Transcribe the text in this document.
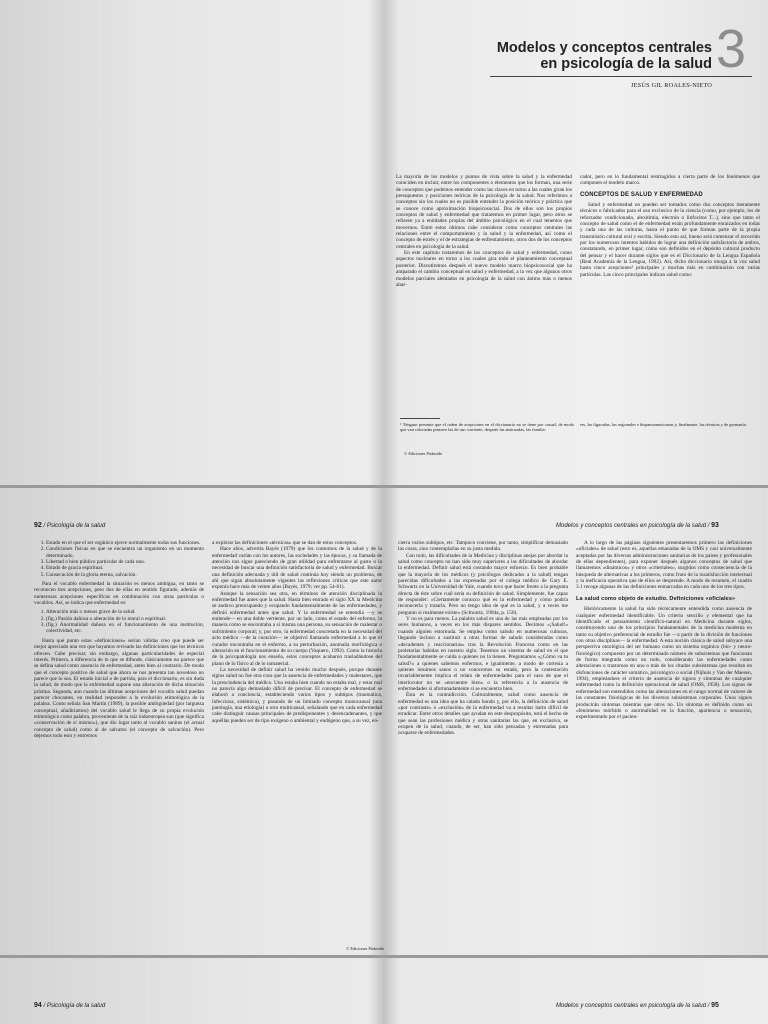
Modelos y conceptos centrales
en psicología de la salud 3
JESÚS GIL ROALES-NIETO

La mayoría de los modelos y puntos de vista sobre la salud y la enfermedad coinciden en incluir, entre los componentes o elementos que los forman, una serie de conceptos que podemos entender como las claves en torno a las cuales giran los presupuestos y posiciones teóricas de la psicología de la salud. Nos referimos a conceptos sin los cuales no es posible entender la posición teórica y práctica que se conoce como aproximación biopsicosocial. Dos de ellos son los propios conceptos de salud y enfermedad que trataremos en primer lugar, pero otros se refieren ya a entidades propias del ámbito psicológico en el cual tenemos que movernos. Entre estos últimos cabe considerar como conceptos centrales las relaciones entre el comportamiento y la salud y la enfermedad, así como el concepto de estrés y el de estrategias de enfrentamiento, otros dos de los conceptos centrales en psicología de la salud.

En este capítulo trataremos de los conceptos de salud y enfermedad, como aspectos nucleares en torno a los cuales gira todo el planteamiento conceptual posterior. Discutiremos después el nuevo modelo marco biopsicosocial que ha amparado el cambio conceptual en salud y enfermedad, a la vez que algunos otros modelos parciales alentados en psicología de la salud con ánimo más o menos abar-

cador, pero en lo fundamental restringidos a cierta parte de los fenómenos que componen el modelo marco.

CONCEPTOS DE SALUD Y ENFERMEDAD

Salud y enfermedad no pueden ser tomados como dos conceptos meramente técnicos o fabricados para el uso exclusivo de la ciencia (como, por ejemplo, los de reforzador condicionado, alexitimia, electrón o linfocitos T...), sino que tanto el concepto de salud como el de enfermedad están profundamente enraizados en todas y cada una de las culturas, hasta el punto de que forman parte de la propia transmisión cultural oral y escrita. Siendo esto así, bueno será comenzar el recorrido por los numerosos intentos habidos de lograr una definición satisfactoria de ambos, constatando, en primer lugar, cómo son definidos en el depósito cultural producto del pensar y el hacer durante siglos que es el Diccionario de la Lengua Española (Real Academia de la Lengua, 1992). Así, dicho diccionario otorga a la voz salud hasta cinco acepciones¹ principales y muchas más en combinación con varias partículas. Las cinco principales indican salud como:

¹ Téngase presente que el orden de acepciones en el diccionario no se tiene por casual, de modo que van colocadas primero las de uso corriente, después las anticuadas, las familia-
res, las figuradas, las regionales e hispanoamericanas y, finalmente, las técnicas y de germanía.
© Ediciones Pirámide
92 / Psicología de la salud	Modelos y conceptos centrales en psicología de la salud / 93
1. Estado en el que el ser orgánico ejerce normalmente todas sus funciones.
2. Condiciones físicas en que se encuentra un organismo en un momento determinado.
3. Libertad o bien público particular de cada uno.
4. Estado de gracia espiritual.
5. Consecución de la gloria eterna, salvación.

Para el vocablo enfermedad la situación es menos ambigua, en tanto se reconocen tres acepciones, pero dos de ellas en sentido figurado, además de numerosas acepciones específicas en combinación con otras partículas o vocablos. Así, se indica que enfermedad es:

1. Alteración más o menos grave de la salud.
2. (fig.) Pasión dañosa o alteración de lo moral o espiritual.
3. (fig.) Anormalidad dañosa en el funcionamiento de una institución, colectividad, etc.

Hasta qué punto estas «definiciones» serían válidas creo que puede ser mejor apreciado una vez que hayamos revisado las definiciones que los técnicos ofrecen. Cabe precisar, sin embargo, algunas particularidades de especial interés. Primera, a diferencia de lo que se difunde, clásicamente no parece que se defina salud como ausencia de enfermedad, antes bien al contrario. De modo que el concepto positivo de salud que ahora se nos presenta tan novedoso no parece que lo sea. El estado inicial o de partida, para el diccionario, es sin duda la salud, de modo que la enfermedad supone una alteración de dicha situación prístina. Segunda, aun cuando las últimas acepciones del vocablo salud puedan parecer chocantes, en realidad responden a la evolución etimológica de la palabra. Como señala San Martín (1989), la posible ambigüedad (por largueza conceptual, añadiríamos) del vocablo salud le llega de su propia evolución etimológica como palabra, proveniente de la raíz indoeuropea sun (que significa «conservación de sí mismo»), que dio lugar tanto al vocablo sanitas (el actual concepto de salud) como al de salvatus (el concepto de salvación). Pero dejemos todo esto y entremos

a explorar las definiciones «técnicas» que se dan de estos conceptos.

Hace años, advertía Bayés (1979) que los contornos de la salud y de la enfermedad varían con los autores, las sociedades y las épocas, y su llamada de atención nos sigue pareciendo de gran utilidad para enfrentarse al gusto o la necesidad de buscar una definición satisfactoria de salud y enfermedad. Buscar una definición adecuada y útil de salud continúa hoy siendo un problema, de ahí que sigan absolutamente vigentes las reflexiones críticas que este autor exponía hace más de veinte años (Bayés, 1979; ver pp. 54-61).

Aunque la sensación sea otra, en términos de atención disciplinada la enfermedad fue antes que la salud. Hasta bien entrado el siglo XX la Medicina se anduvo preocupando y ocupando fundamentalmente de las enfermedades, y definió enfermedad antes que salud. Y la enfermedad se entendía —y se entiende— en una doble vertiente, por un lado, como el estado del enfermo, la manera como se encontraba a sí misma una persona, su sensación de malestar o sufrimiento corporal; y, por otro, la enfermedad concretada en la necesidad del acto médico —de la curación— se objetivó llamando enfermedad a lo que el curador encontraba en el enfermo, a su perturbación, anomalía morfológica o alteración en el funcionamiento de su cuerpo (Vaquero, 1992). Como la historia de la psicopatología nos enseña, estos conceptos acabaron trasladándose del plano de lo físico al de lo inmaterial.

La necesidad de definir salud ha venido mucho después, porque durante siglos salud no fue otra cosa que la ausencia de enfermedades y malestares, que la prescindencia del médico. Uno estaba bien cuando no estaba mal, y estar mal no parecía algo demasiado difícil de precisar. El concepto de enfermedad se elaboró a conciencia, estableciendo varios tipos y subtipos (traumática, infecciosa, sistémica), y pasando de un limitado concepto monocausal (una patología, una etiología) a otro multicausal, señalando que en cada enfermedad cabe distinguir causas principales de predisponentes y desencadenantes, y que aquéllas pueden ser de tipo exógeno o ambiental y endógeno que, a su vez, en-

cierra varios subtipos, etc. Tampoco conviene, por tanto, simplificar demasiado las cosas, sino contemplarlas en su justa medida.

Con todo, las dificultades de la Medicina y disciplinas anejas por abordar la salud como concepto no han sido muy superiores a las dificultades de abordar la enfermedad. Definir salud está costando mayor esfuerzo. Es bien probable que la mayoría de los médicos (y psicólogos dedicados a la salud) tengan parecidas dificultades a las expresadas por el colega médico de Gary E. Schwartz en la Universidad de Yale, cuando tuvo que hacer frente a la pregunta directa de éste sobre cuál sería su definición de salud. Simplemente, fue capaz de responder: «Ciertamente conozco qué es la enfermedad y cómo podría reconocerla y tratarla. Pero no tengo idea de qué es la salud, y a veces me pregunto si realmente existe» (Schwartz, 1984a, p. 150).

Y no es para menos. La palabra salud es una de las más empleadas por los seres humanos, a veces en los más dispares sentidos. Decimos «¡Salud!» cuando alguien estornuda. Se emplea como saludo en numerosas culturas, llegando incluso a sustituir a otras formas de saludo consideradas como «decadentes y reaccionarias» tras la Revolución Francesa como en las proletarias habidas en nuestro siglo. Tenemos un sistema de salud en el que fundamentalmente se cuida a quienes no la tienen. Preguntamos «¿Cómo va tu salud?» a quienes sabemos enfermos, e igualmente, a modo de cortesía a quienes intuimos sanos o no conocemos su estado, pero la contestación invariablemente implica el relato de enfermedades para el caso de que el interlocutor no se «encuentre bien» o la referencia a la ausencia de enfermedades si afortunadamente sí se encuentra bien.

Ésta es la contradicción. Culturalmente, salud como ausencia de enfermedad es una idea que ha calado hondo y, por ello, la definición de salud «por contraste» o «exclusión» de la enfermedad va a resultar harto difícil de erradicar. Entre otros detalles que ayudan en este despropósito, está el hecho de que sean las profesiones médica y otras sanitarias las que, en exclusiva, se ocupen de la salud, cuando, de ser, han sido pensadas y entrenadas para ocuparse de enfermedades.

A lo largo de las páginas siguientes presentaremos primero las definiciones «oficiales» de salud (esto es, aquellas emanadas de la OMS y casi universalmente aceptadas por las diversas administraciones sanitarias de los países y profesionales de ellas dependientes), para exponer después algunos conceptos de salud que llamaremos «dinámicos» y otros «criteriales», surgidos como consecuencia de la búsqueda de alternativas a los primeros, como fruto de la insatisfacción intelectual y la ineficacia operativa que de ellos se desprende. A modo de resumen, el cuadro 3.1 recoge algunas de las definiciones enmarcadas en cada uno de los tres tipos.

La salud como objeto de estudio. Definiciones «oficiales»

Históricamente la salud ha sido técnicamente entendida como ausencia de cualquier enfermedad identificable. Un criterio sencillo y elemental que ha identificado el pensamiento científico-natural en Medicina durante siglos, constituyendo uno de los principios fundamentales de la medicina moderna en tanto su objetivo preferencial de estudio fue —a partir de la división de funciones con otras disciplinas— la enfermedad. A esta noción clásica de salud subyace una perspectiva ontológica del ser humano como un sistema orgánico (bio- y neuro-fisiológico) compuesto por un determinado número de subsistemas que funcionan de forma integrada como un todo, considerando las enfermedades como alteraciones o trastornos en uno o más de los citados subsistemas que resultan en disfunciones de carácter somático, psicológico o social (Nijhuis y Van der Maesen, 1994), empleándose el criterio de ausencia de signos y síntomas de cualquier enfermedad como la definición operacional de salud (OMS, 1958). Los signos de enfermedad son entendidos como las alteraciones en el rango normal de valores de las constantes fisiológicas de los diversos subsistemas corporales. Unos signos producirán síntomas mientras que otros no. Un síntoma es definido como un «fenómeno mórbido o anormalidad en la función, apariencia o sensación, experimentado por el pacien-

© Ediciones Pirámide
94 / Psicología de la salud	Modelos y conceptos centrales en psicología de la salud / 95
